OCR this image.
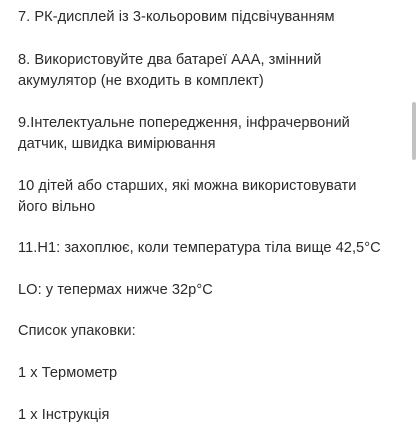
7. РК-дисплей із 3-кольоровим підсвічуванням

8. Використовуйте два батареї ААА, змінний
акумулятор (не входить в комплект)

9.Інтелектуальне попередження, інфрачервоний
датчик, швидка вимірювання

10 дітей або старших, які можна використовувати
його вільно

11.Н1: захоплює, коли температура тіла вище 42,5°С

LO: у тепермах нижче 32р°С

Список упаковки:

1 х Термометр

1 х Інструкція
